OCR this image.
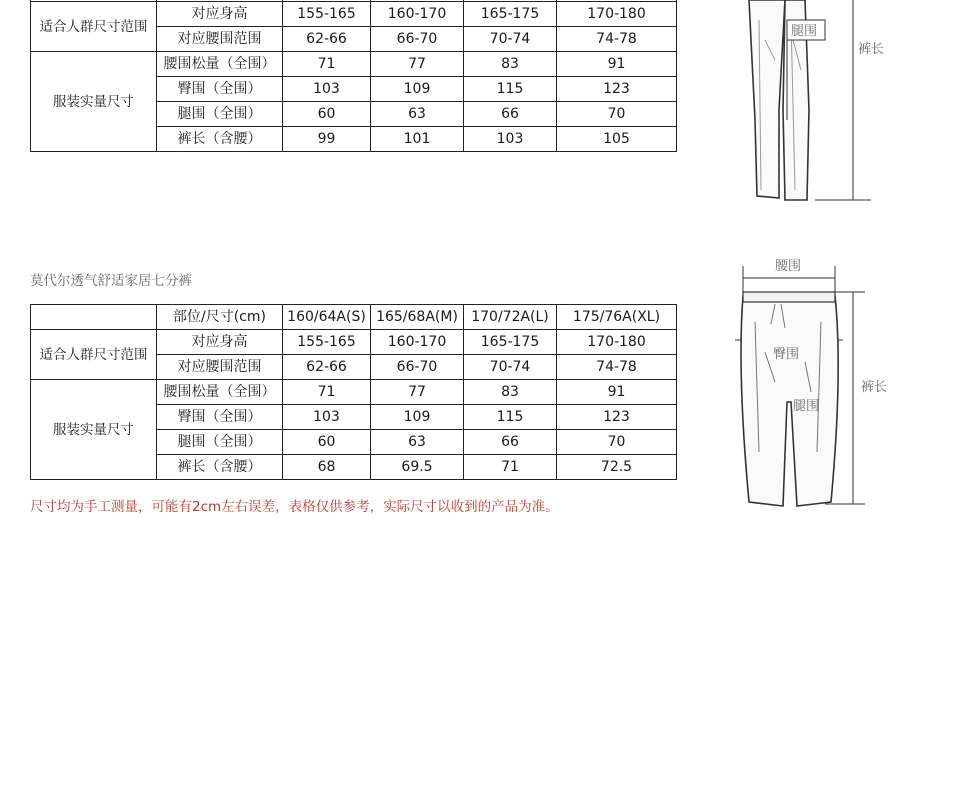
适合人群尺寸范围	对应身高	155-165	160-170	165-175	170-180
	对应腰围范围	62-66	66-70	70-74	74-78
服装实量尺寸	腰围松量（全围）	71	77	83	91
	臀围（全围）	103	109	115	123
	腿围（全围）	60	63	66	70
	裤长（含腰）	99	101	103	105
腿围
裤长
莫代尔透气舒适家居七分裤
	部位/尺寸(cm)	160/64A(S)	165/68A(M)	170/72A(L)	175/76A(XL)
适合人群尺寸范围	对应身高	155-165	160-170	165-175	170-180
	对应腰围范围	62-66	66-70	70-74	74-78
服装实量尺寸	腰围松量（全围）	71	77	83	91
	臀围（全围）	103	109	115	123
	腿围（全围）	60	63	66	70
	裤长（含腰）	68	69.5	71	72.5
腰围
臀围
腿围
裤长
尺寸均为手工测量，可能有2cm左右误差，表格仅供参考，实际尺寸以收到的产品为准。
